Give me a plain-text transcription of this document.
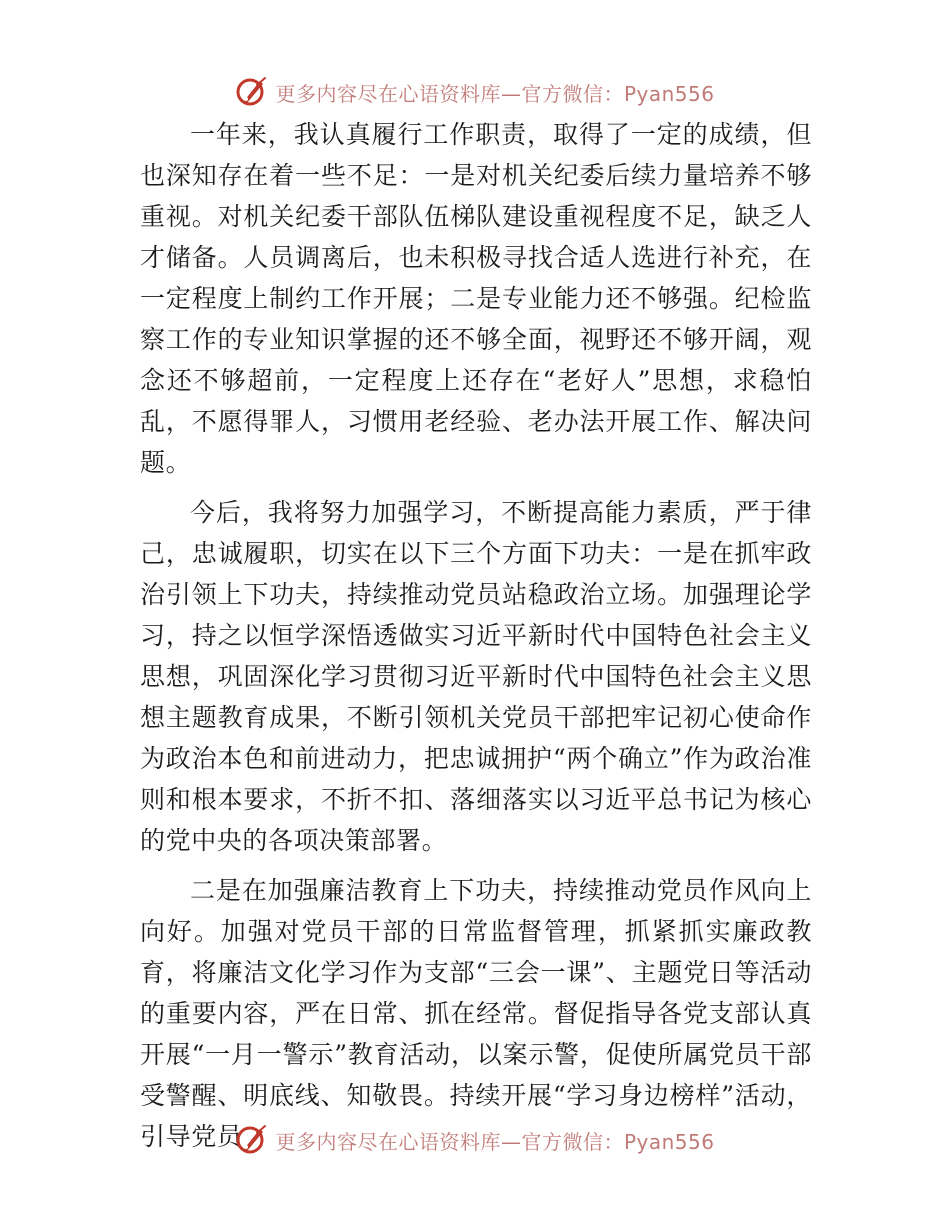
更多内容尽在心语资料库—官方微信：Pyan556

一年来，我认真履行工作职责，取得了一定的成绩，但也深知存在着一些不足：一是对机关纪委后续力量培养不够重视。对机关纪委干部队伍梯队建设重视程度不足，缺乏人才储备。人员调离后，也未积极寻找合适人选进行补充，在一定程度上制约工作开展；二是专业能力还不够强。纪检监察工作的专业知识掌握的还不够全面，视野还不够开阔，观念还不够超前，一定程度上还存在“老好人”思想，求稳怕乱，不愿得罪人，习惯用老经验、老办法开展工作、解决问题。

今后，我将努力加强学习，不断提高能力素质，严于律己，忠诚履职，切实在以下三个方面下功夫：一是在抓牢政治引领上下功夫，持续推动党员站稳政治立场。加强理论学习，持之以恒学深悟透做实习近平新时代中国特色社会主义思想，巩固深化学习贯彻习近平新时代中国特色社会主义思想主题教育成果，不断引领机关党员干部把牢记初心使命作为政治本色和前进动力，把忠诚拥护“两个确立”作为政治准则和根本要求，不折不扣、落细落实以习近平总书记为核心的党中央的各项决策部署。

二是在加强廉洁教育上下功夫，持续推动党员作风向上向好。加强对党员干部的日常监督管理，抓紧抓实廉政教育，将廉洁文化学习作为支部“三会一课”、主题党日等活动的重要内容，严在日常、抓在经常。督促指导各党支部认真开展“一月一警示”教育活动，以案示警，促使所属党员干部受警醒、明底线、知敬畏。持续开展“学习身边榜样”活动，引导党员	更多内容尽在心语资料库—官方微信：Pyan556
